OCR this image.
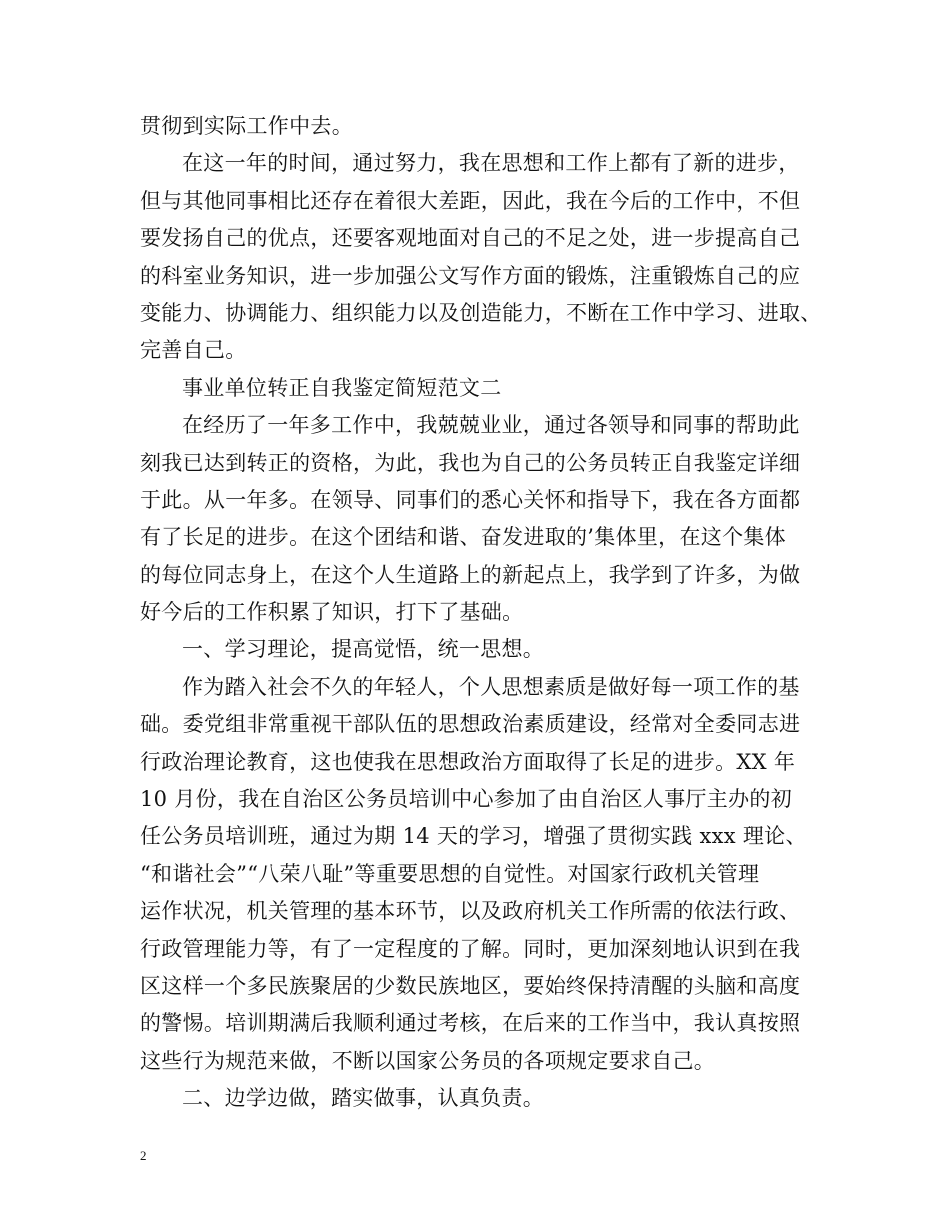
贯彻到实际工作中去。
在这一年的时间，通过努力，我在思想和工作上都有了新的进步，
但与其他同事相比还存在着很大差距，因此，我在今后的工作中，不但
要发扬自己的优点，还要客观地面对自己的不足之处，进一步提高自己
的科室业务知识，进一步加强公文写作方面的锻炼，注重锻炼自己的应
变能力、协调能力、组织能力以及创造能力，不断在工作中学习、进取、
完善自己。
事业单位转正自我鉴定简短范文二
在经历了一年多工作中，我兢兢业业，通过各领导和同事的帮助此
刻我已达到转正的资格，为此，我也为自己的公务员转正自我鉴定详细
于此。从一年多。在领导、同事们的悉心关怀和指导下，我在各方面都
有了长足的进步。在这个团结和谐、奋发进取的’集体里，在这个集体
的每位同志身上，在这个人生道路上的新起点上，我学到了许多，为做
好今后的工作积累了知识，打下了基础。
一、学习理论，提高觉悟，统一思想。
作为踏入社会不久的年轻人，个人思想素质是做好每一项工作的基
础。委党组非常重视干部队伍的思想政治素质建设，经常对全委同志进
行政治理论教育，这也使我在思想政治方面取得了长足的进步。XX 年
10 月份，我在自治区公务员培训中心参加了由自治区人事厅主办的初
任公务员培训班，通过为期 14 天的学习，增强了贯彻实践 xxx 理论、
“和谐社会”“八荣八耻”等重要思想的自觉性。对国家行政机关管理
运作状况，机关管理的基本环节，以及政府机关工作所需的依法行政、
行政管理能力等，有了一定程度的了解。同时，更加深刻地认识到在我
区这样一个多民族聚居的少数民族地区，要始终保持清醒的头脑和高度
的警惕。培训期满后我顺利通过考核，在后来的工作当中，我认真按照
这些行为规范来做，不断以国家公务员的各项规定要求自己。
二、边学边做，踏实做事，认真负责。
2
